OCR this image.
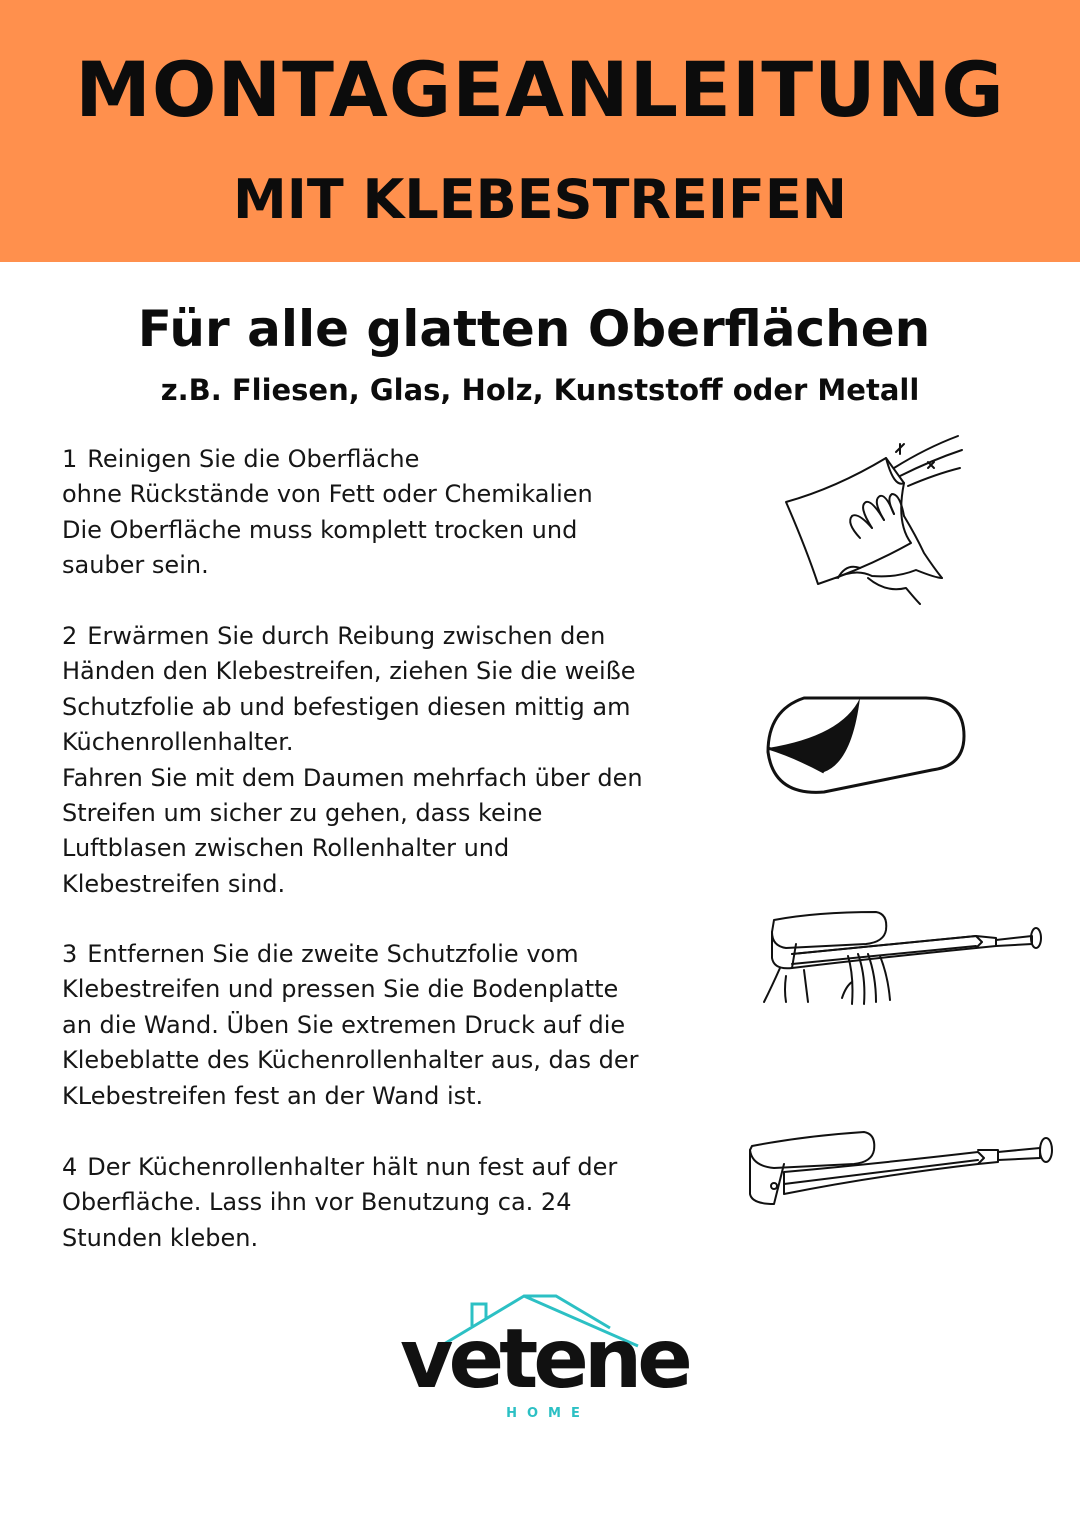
MONTAGEANLEITUNG
MIT KLEBESTREIFEN
Für alle glatten Oberflächen

z.B. Fliesen, Glas, Holz, Kunststoff oder Metall

1 Reinigen Sie die Oberfläche
ohne Rückstände von Fett oder Chemikalien
Die Oberfläche muss komplett trocken und
sauber sein.
2 Erwärmen Sie durch Reibung zwischen den
Händen den Klebestreifen, ziehen Sie die weiße
Schutzfolie ab und befestigen diesen mittig am
Küchenrollenhalter.
Fahren Sie mit dem Daumen mehrfach über den
Streifen um sicher zu gehen, dass keine
Luftblasen zwischen Rollenhalter und
Klebestreifen sind.
3 Entfernen Sie die zweite Schutzfolie vom
Klebestreifen und pressen Sie die Bodenplatte
an die Wand. Üben Sie extremen Druck auf die
Klebeblatte des Küchenrollenhalter aus, das der
KLebestreifen fest an der Wand ist.
4 Der Küchenrollenhalter hält nun fest auf der
Oberfläche. Lass ihn vor Benutzung ca. 24
Stunden kleben.
vetene
HOME
